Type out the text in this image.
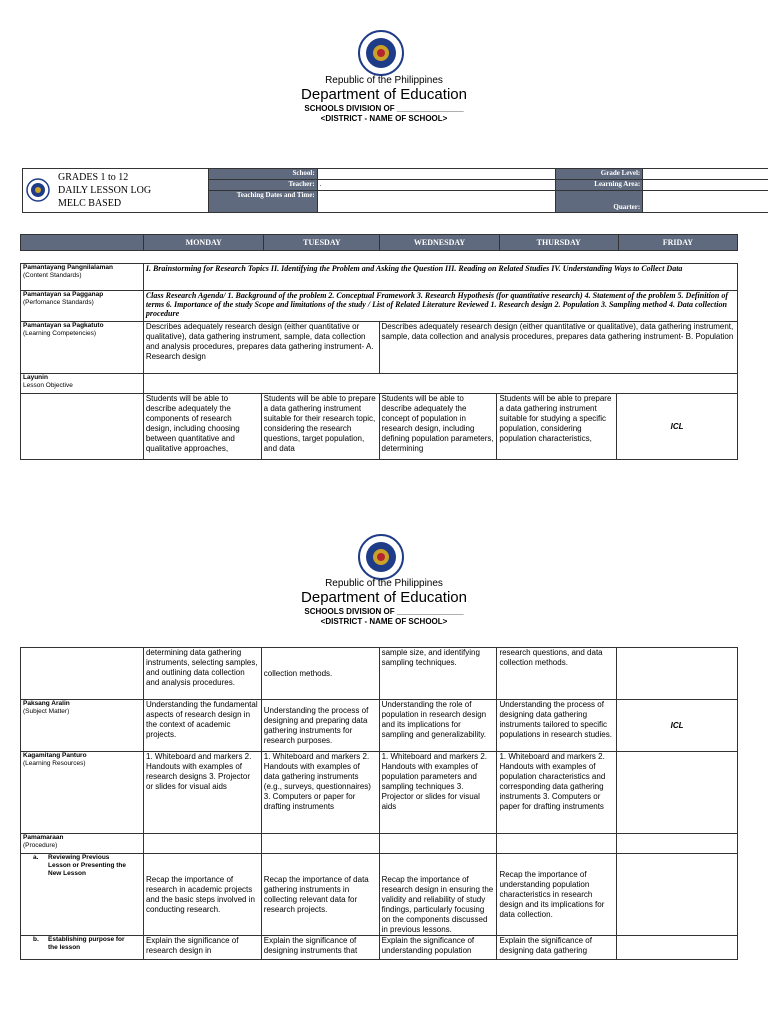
Republic of the Philippines
Department of Education
SCHOOLS DIVISION OF _______________
<DISTRICT - NAME OF SCHOOL>
GRADES 1 to 12
DAILY LESSON LOG
MELC BASED	School:		Grade Level:	
	Teacher:	.	Learning Area:	
	Teaching Dates and Time:		Quarter:	
	MONDAY	TUESDAY	WEDNESDAY	THURSDAY	FRIDAY
Pamantayang Pangnilalaman
(Content Standards)	I. Brainstorming for Research Topics II. Identifying the Problem and Asking the Question III. Reading on Related Studies IV. Understanding Ways to Collect Data				
Pamantayan sa Pagganap
(Perfomance Standards)	Class Research Agenda/ 1. Background of the problem 2. Conceptual Framework 3. Research Hypothesis (for quantitative research) 4. Statement of the problem 5. Definition of terms 6. Importance of the study Scope and limitations of the study / List of Related Literature Reviewed 1. Research design 2. Population 3. Sampling method 4. Data collection procedure				
Pamantayan sa Pagkatuto
(Learning Competencies)	Describes adequately research design (either quantitative or qualitative), data gathering instrument, sample, data collection and analysis procedures, prepares data gathering instrument- A. Research design		Describes adequately research design (either quantitative or qualitative), data gathering instrument, sample, data collection and analysis procedures, prepares data gathering instrument- B. Population		
Layunin
Lesson Objective					
	Students will be able to describe adequately the components of research design, including choosing between quantitative and qualitative approaches,	Students will be able to prepare a data gathering instrument suitable for their research topic, considering the research questions, target population, and data	Students will be able to describe adequately the concept of population in research design, including defining population parameters, determining	Students will be able to prepare a data gathering instrument suitable for studying a specific population, considering population characteristics,	ICL
Republic of the Philippines
Department of Education
SCHOOLS DIVISION OF _______________
<DISTRICT - NAME OF SCHOOL>
	determining data gathering instruments, selecting samples, and outlining data collection and analysis procedures.	collection methods.	sample size, and identifying sampling techniques.	research questions, and data collection methods.	
Paksang Aralin
(Subject Matter)	Understanding the fundamental aspects of research design in the context of academic projects.	Understanding the process of designing and preparing data gathering instruments for research purposes.	Understanding the role of population in research design and its implications for sampling and generalizability.	Understanding the process of designing data gathering instruments tailored to specific populations in research studies.	ICL
Kagamitang Panturo
(Learning Resources)	1. Whiteboard and markers 2. Handouts with examples of research designs 3. Projector or slides for visual aids	1. Whiteboard and markers 2. Handouts with examples of data gathering instruments (e.g., surveys, questionnaires) 3. Computers or paper for drafting instruments	1. Whiteboard and markers 2. Handouts with examples of population parameters and sampling techniques 3. Projector or slides for visual aids	1. Whiteboard and markers 2. Handouts with examples of population characteristics and corresponding data gathering instruments 3. Computers or paper for drafting instruments	
Pamamaraan
(Procedure)					

a. Reviewing Previous Lesson or Presenting the New Lesson	Recap the importance of research in academic projects and the basic steps involved in conducting research.	Recap the importance of data gathering instruments in collecting relevant data for research projects.	Recap the importance of research design in ensuring the validity and reliability of study findings, particularly focusing on the components discussed in previous lessons.	Recap the importance of understanding population characteristics in research design and its implications for data collection.	

b. Establishing purpose for the lesson	Explain the significance of research design in	Explain the significance of designing instruments that	Explain the significance of understanding population	Explain the significance of designing data gathering	
